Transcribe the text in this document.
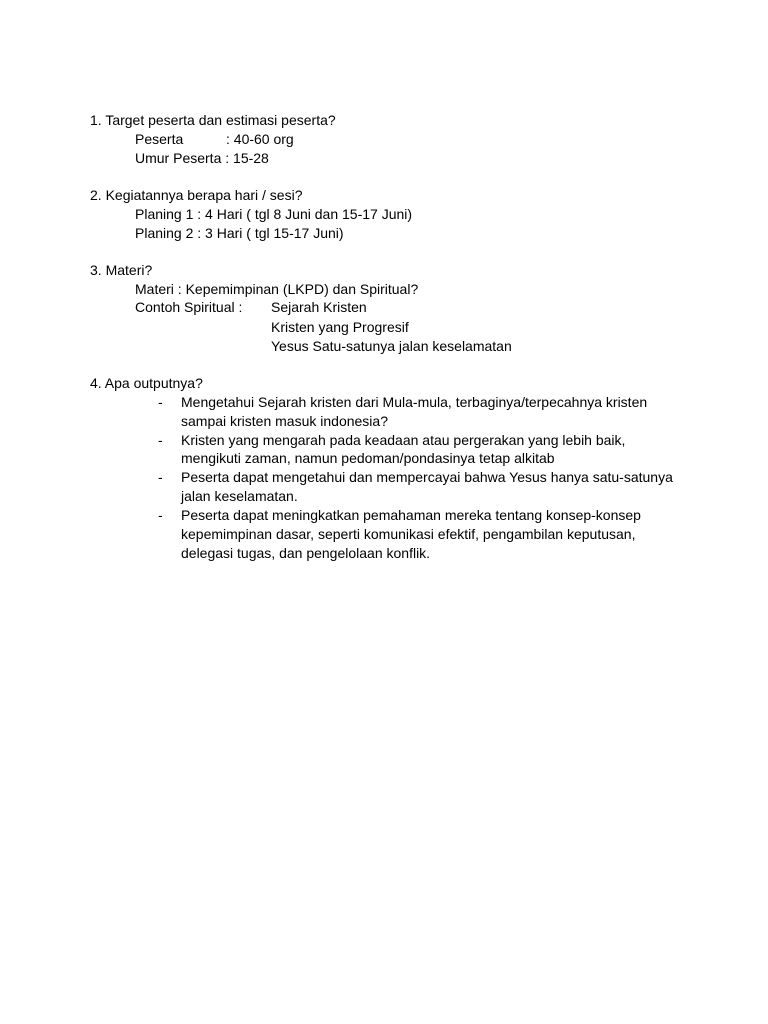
1. Target peserta dan estimasi peserta?
Peserta	: 40-60 org
Umur Peserta : 15-28
2. Kegiatannya berapa hari / sesi?
Planing 1 : 4 Hari ( tgl 8 Juni dan 15-17 Juni)
Planing 2 : 3 Hari ( tgl 15-17 Juni)
3. Materi?
Materi : Kepemimpinan (LKPD) dan Spiritual?
Contoh Spiritual : Sejarah Kristen
Kristen yang Progresif
Yesus Satu-satunya jalan keselamatan
4. Apa outputnya?
- Mengetahui Sejarah kristen dari Mula-mula, terbaginya/terpecahnya kristen
sampai kristen masuk indonesia?
- Kristen yang mengarah pada keadaan atau pergerakan yang lebih baik,
mengikuti zaman, namun pedoman/pondasinya tetap alkitab
- Peserta dapat mengetahui dan mempercayai bahwa Yesus hanya satu-satunya
jalan keselamatan.
- Peserta dapat meningkatkan pemahaman mereka tentang konsep-konsep
kepemimpinan dasar, seperti komunikasi efektif, pengambilan keputusan,
delegasi tugas, dan pengelolaan konflik.
